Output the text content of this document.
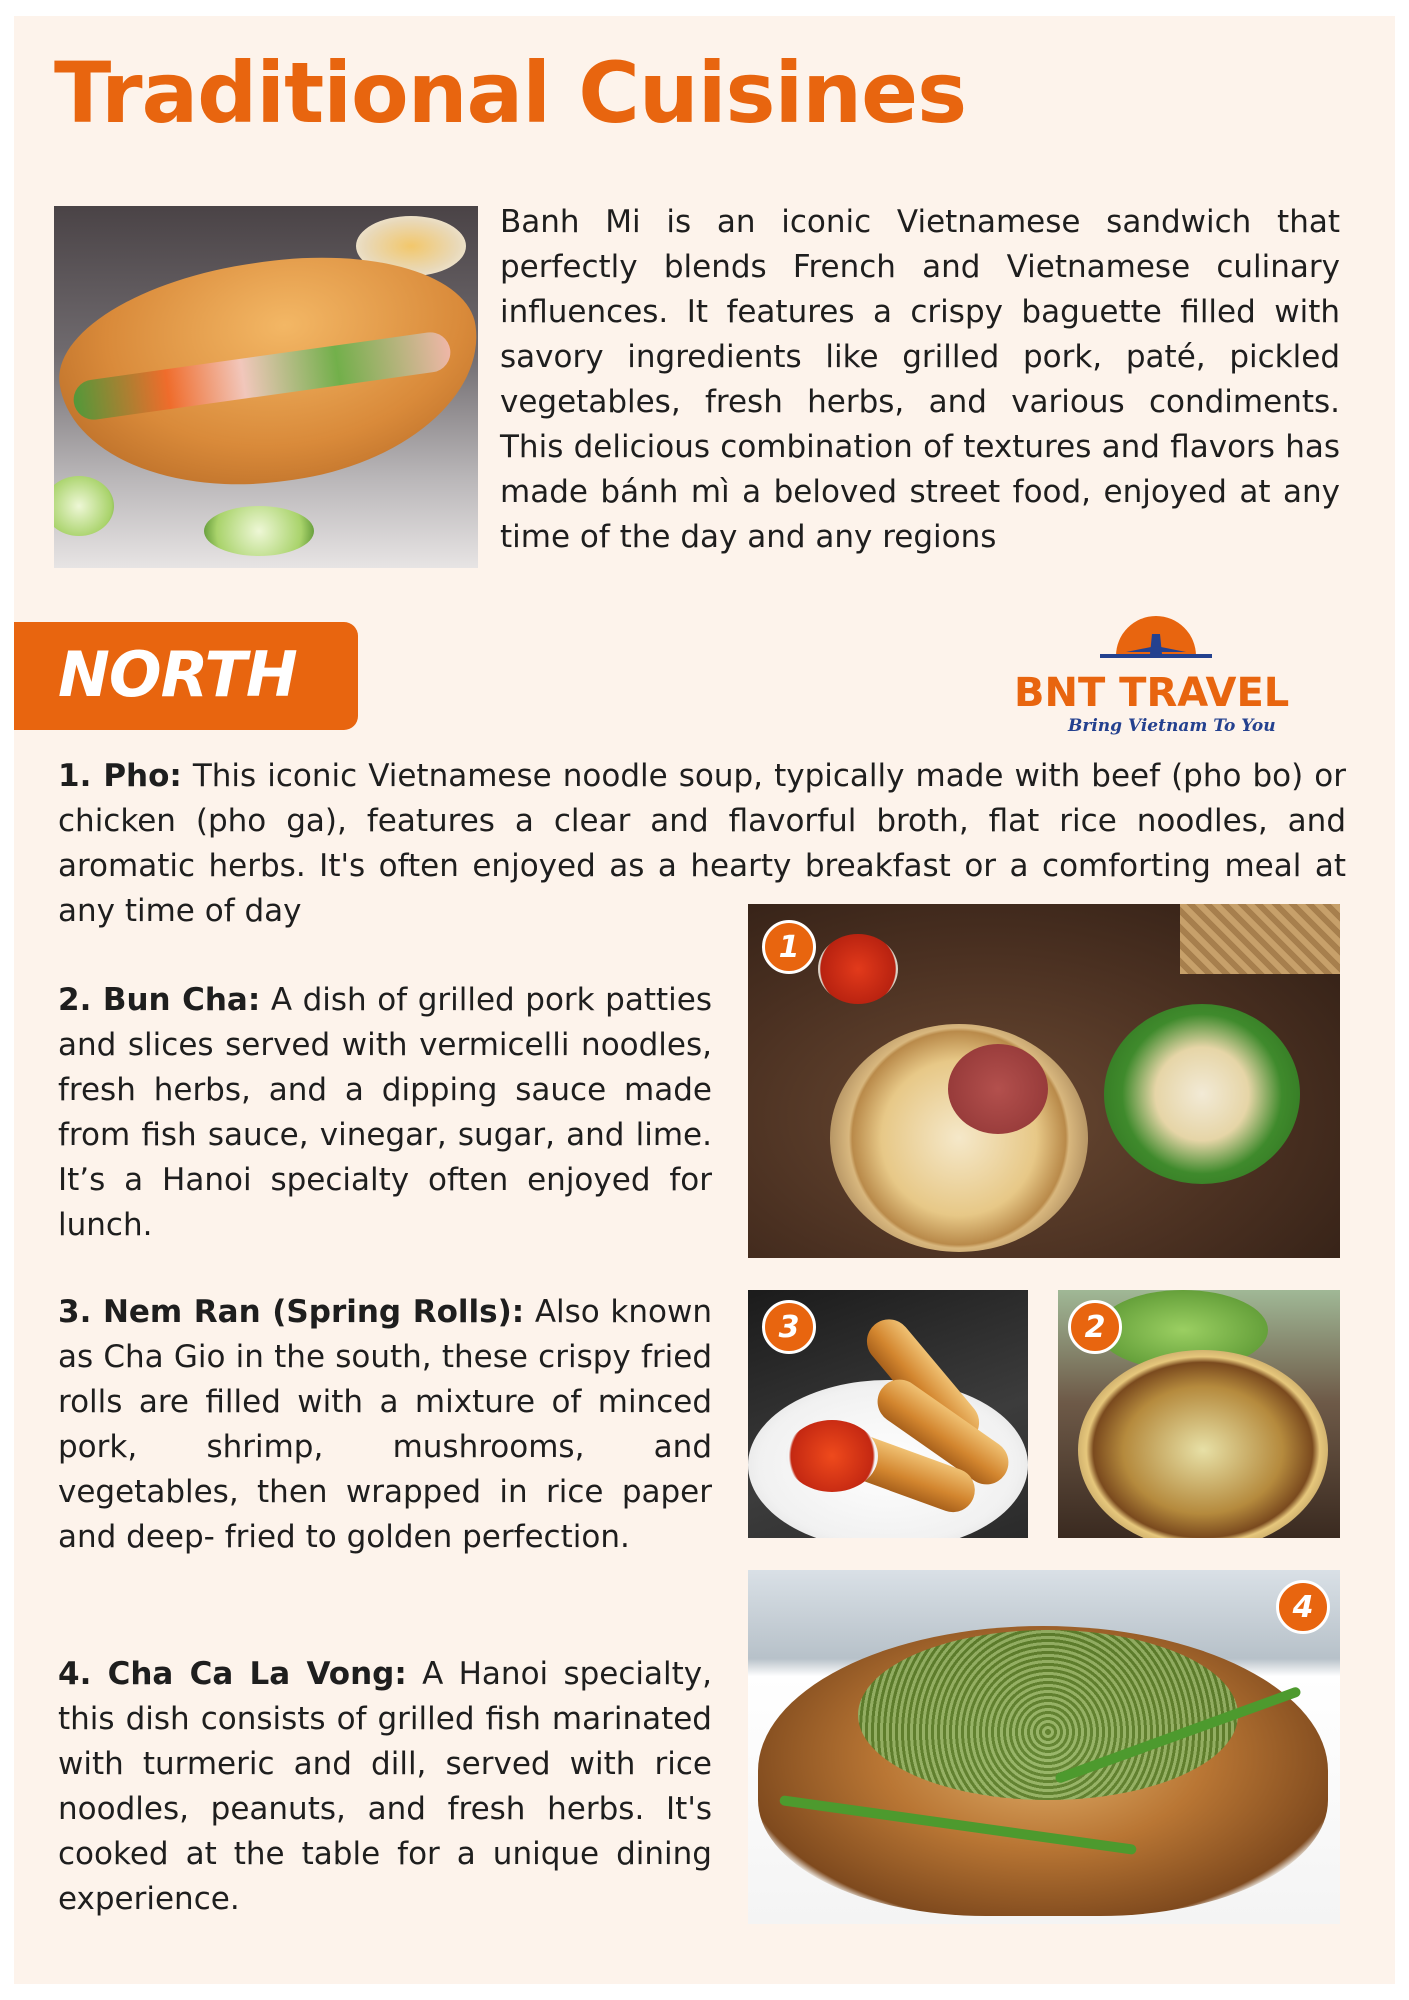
Traditional Cuisines

Banh Mi is an iconic Vietnamese sandwich that perfectly blends French and Vietnamese culinary influences. It features a crispy baguette filled with savory ingredients like grilled pork, paté, pickled vegetables, fresh herbs, and various condiments. This delicious combination of textures and flavors has made bánh mì a beloved street food, enjoyed at any time of the day and any regions

NORTH	BNT TRAVEL
Bring Vietnam To You

1. Pho: This iconic Vietnamese noodle soup, typically made with beef (pho bo) or chicken (pho ga), features a clear and flavorful broth, flat rice noodles, and aromatic herbs. It's often enjoyed as a hearty breakfast or a comforting meal at any time of day

2. Bun Cha: A dish of grilled pork patties and slices served with vermicelli noodles, fresh herbs, and a dipping sauce made from fish sauce, vinegar, sugar, and lime. It’s a Hanoi specialty often enjoyed for lunch.

3. Nem Ran (Spring Rolls): Also known as Cha Gio in the south, these crispy fried rolls are filled with a mixture of minced pork, shrimp, mushrooms, and vegetables, then wrapped in rice paper and deep- fried to golden perfection.

4. Cha Ca La Vong: A Hanoi specialty, this dish consists of grilled fish marinated with turmeric and dill, served with rice noodles, peanuts, and fresh herbs. It's cooked at the table for a unique dining experience.

1
3	2
4
